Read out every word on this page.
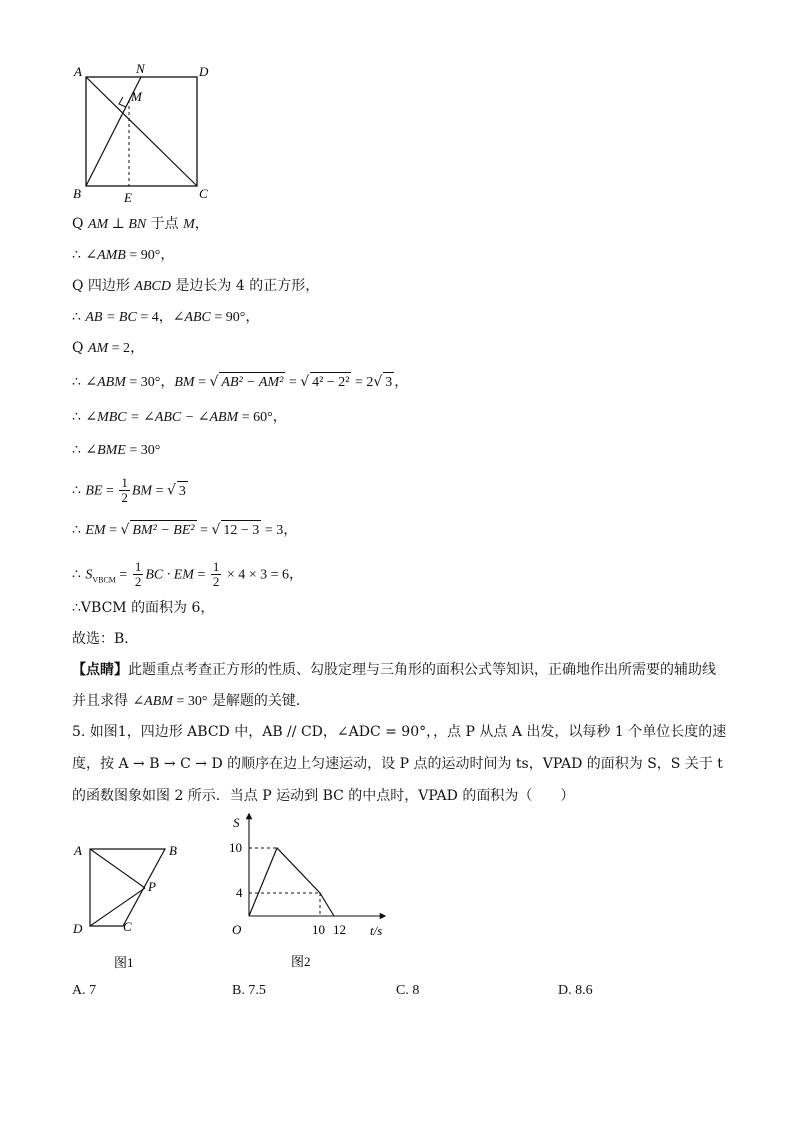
A	N	D
M
B	E	C
Q AM ⊥ BN 于点 M，
∴ ∠AMB = 90°，
Q 四边形 ABCD 是边长为 4 的正方形，
∴ AB = BC = 4，∠ABC = 90°，
Q AM = 2，
∴ ∠ABM = 30°，BM = √ AB² − AM² = √ 4² − 2² = 2√ 3 ，
∴ ∠MBC = ∠ABC − ∠ABM = 60°，
∴ ∠BME = 30°
∴ BE = $\frac{1}{2}$ BM = √ 3
∴ EM = √ BM² − BE² = √ 12 − 3 = 3，
∴ $S_{VBCM} = \frac{1}{2}$ BC · EM = $\frac{1}{2} \times 4 \times 3 = 6$，
∴VBCM 的面积为 6，
故选：B．
【点睛】此题重点考查正方形的性质、勾股定理与三角形的面积公式等知识，正确地作出所需要的辅助线
并且求得 ∠ABM = 30° 是解题的关键．
5. 如图1，四边形 ABCD 中，AB // CD，∠ADC = 90°，，点 P 从点 A 出发，以每秒 1 个单位长度的速
度，按 A → B → C → D 的顺序在边上匀速运动，设 P 点的运动时间为 ts，VPAD 的面积为 S，S 关于 t
的函数图象如图 2 所示．当点 P 运动到 BC 的中点时，VPAD 的面积为（　　）
A	B
P
D	C
图1
S
10
4
O	10 12 t/s
图2
A. 7	B. 7.5	C. 8	D. 8.6
